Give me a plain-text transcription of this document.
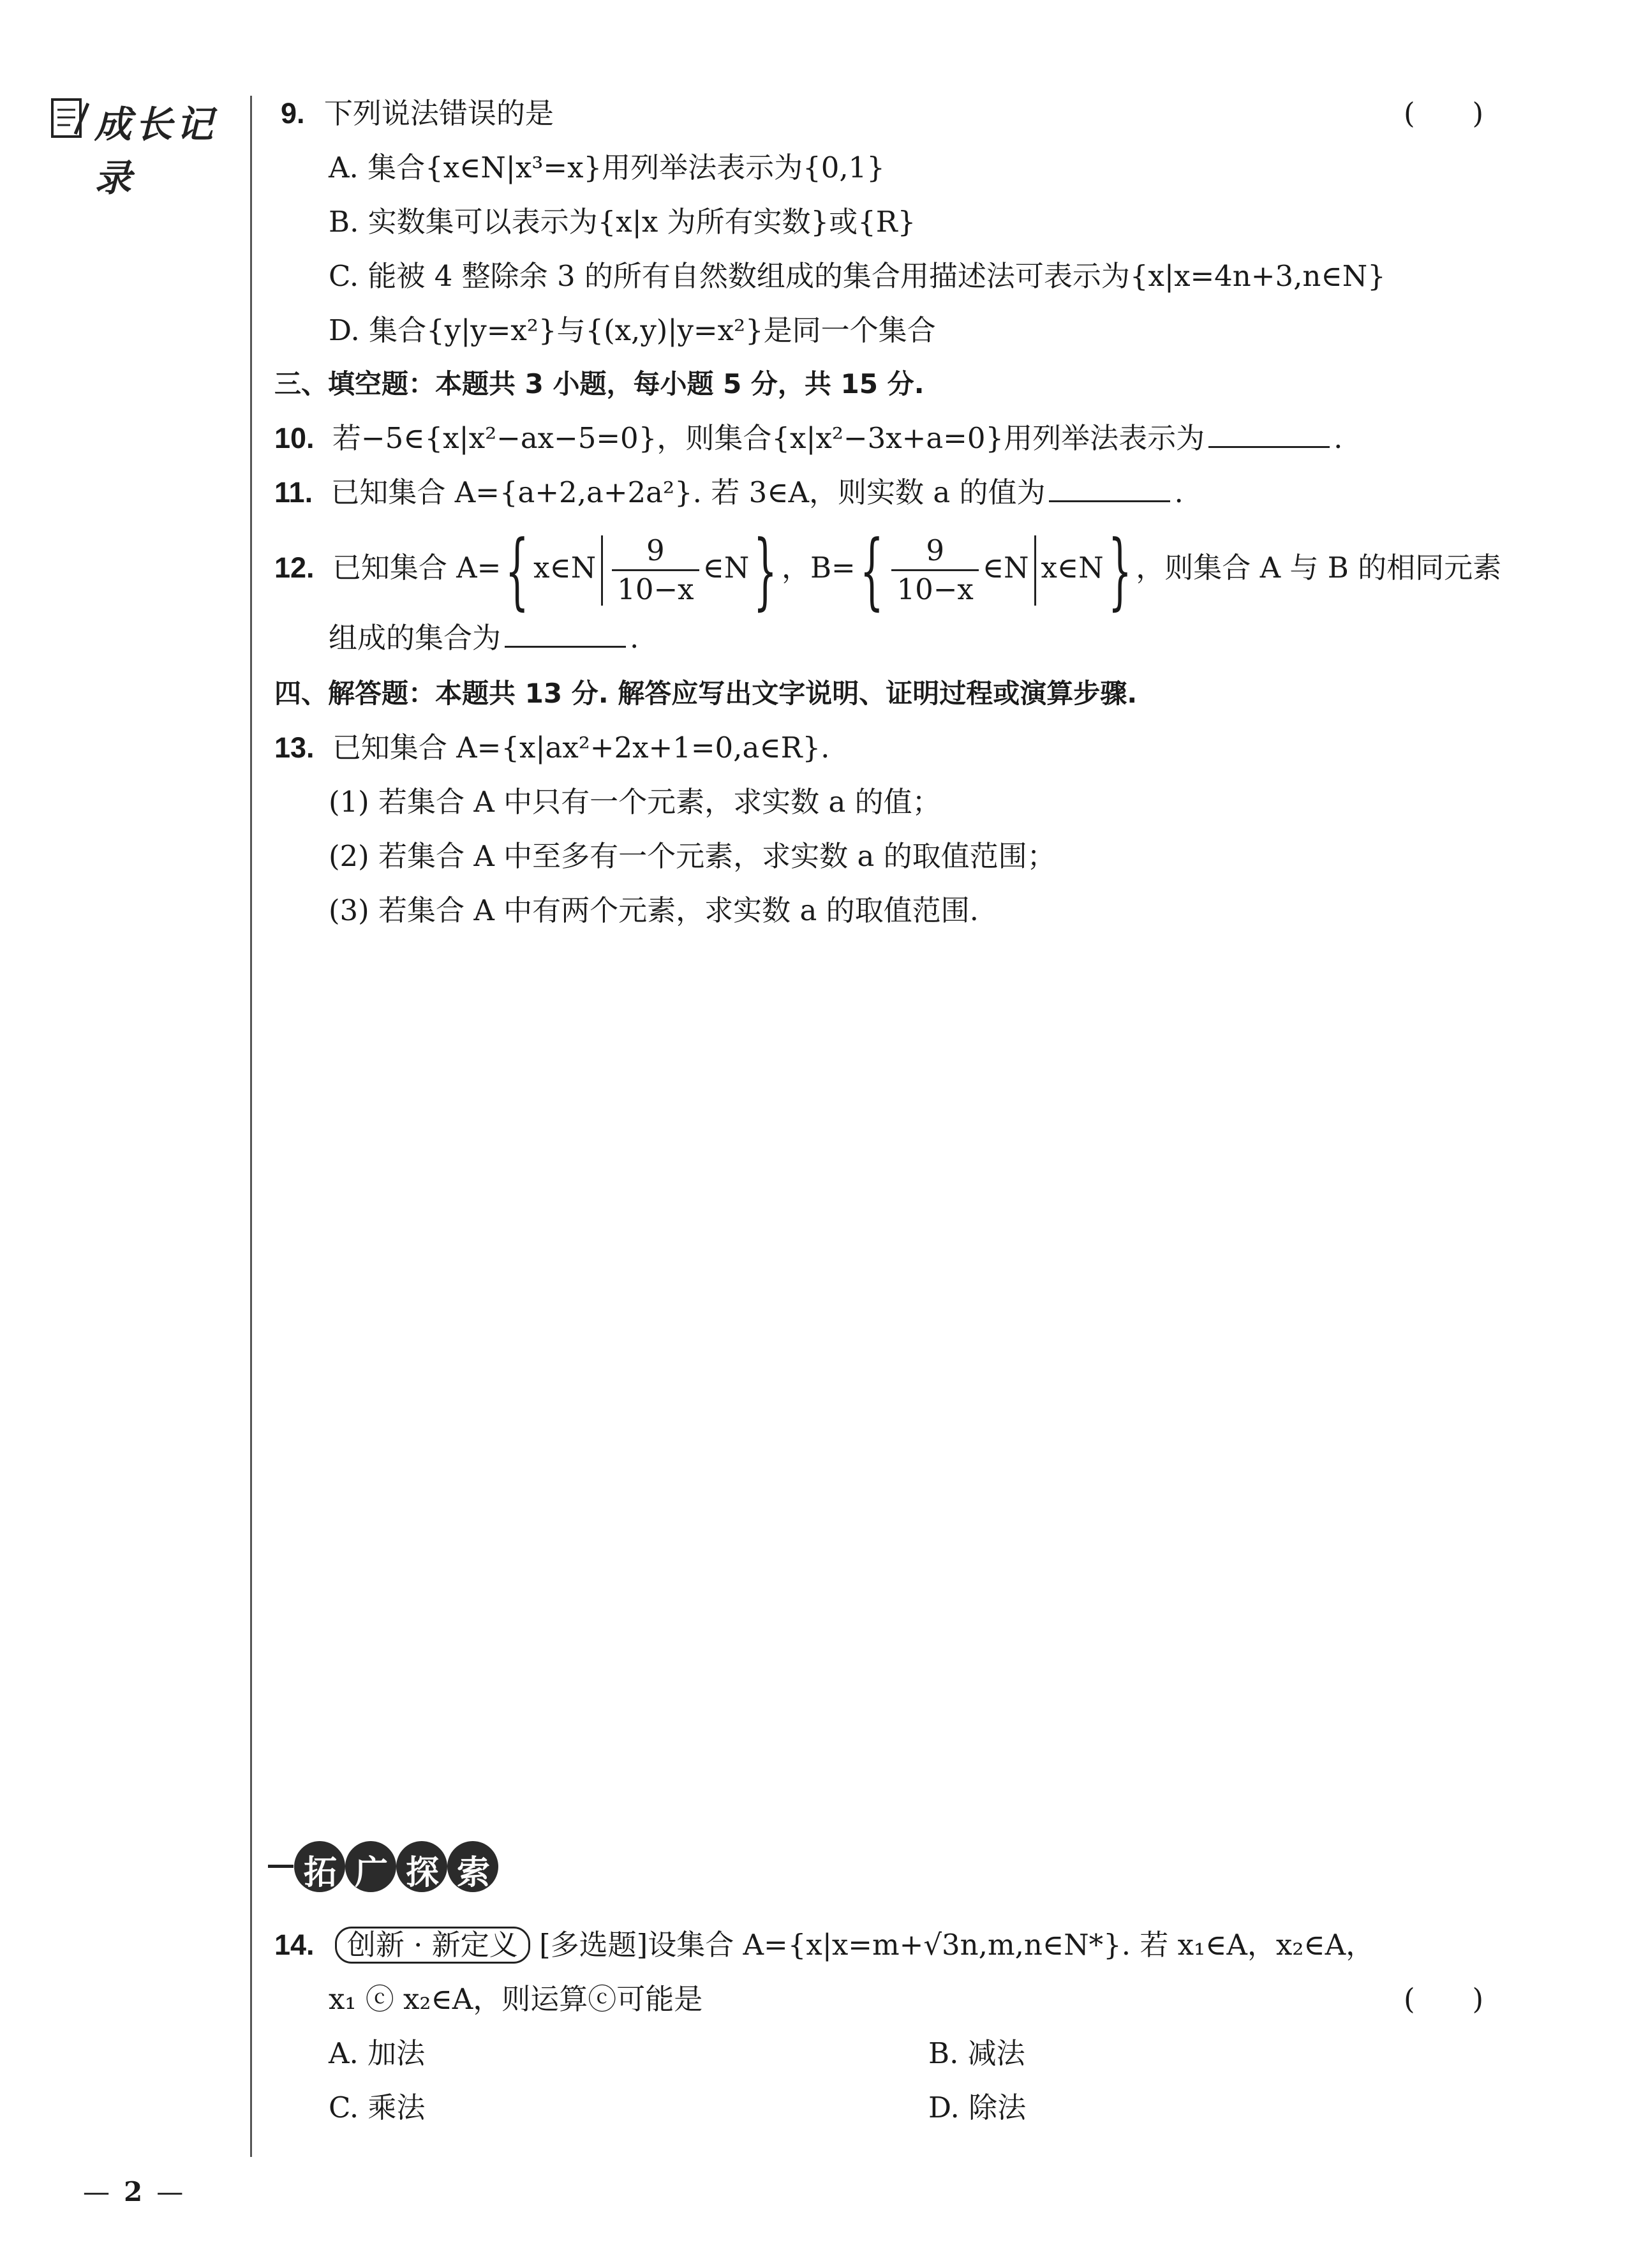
成长记录
9. 下列说法错误的是	(　　)
A. 集合{x∈N|x³=x}用列举法表示为{0,1}
B. 实数集可以表示为{x|x 为所有实数}或{R}
C. 能被 4 整除余 3 的所有自然数组成的集合用描述法可表示为{x|x=4n+3,n∈N}
D. 集合{y|y=x²}与{(x,y)|y=x²}是同一个集合
三、填空题：本题共 3 小题，每小题 5 分，共 15 分.
10. 若−5∈{x|x²−ax−5=0}，则集合{x|x²−3x+a=0}用列举法表示为	.
11. 已知集合 A={a+2,a+2a²}. 若 3∈A，则实数 a 的值为	.
12. 已知集合 A={ x∈N $\frac{9}{10-x}$ ∈N} ，$B=\{ \frac{9}{10-x}$ ∈N x∈N} ，则集合 A 与 B 的相同元素
组成的集合为	.
四、解答题：本题共 13 分. 解答应写出文字说明、证明过程或演算步骤.
13. 已知集合 A={x|ax²+2x+1=0,a∈R}.
(1) 若集合 A 中只有一个元素，求实数 a 的值；
(2) 若集合 A 中至多有一个元素，求实数 a 的取值范围；
(3) 若集合 A 中有两个元素，求实数 a 的取值范围.
拓 广 探 索
14. 创新 · 新定义 [多选题]设集合 A={x|x=m+√3n,m,n∈N*}. 若 x₁∈A，x₂∈A，
x₁ ⓒ x₂∈A，则运算ⓒ可能是	(　　)
A. 加法	B. 减法
C. 乘法	D. 除法
— 2 —
